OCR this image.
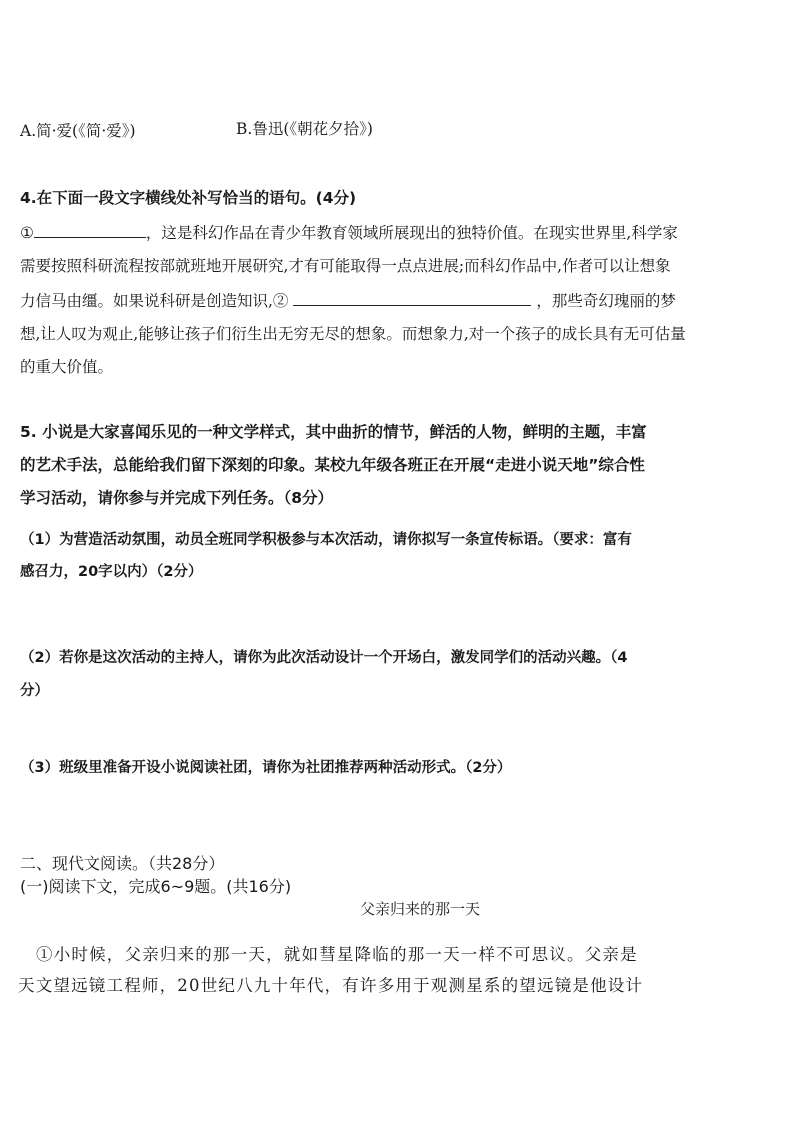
A.简·爱(《简·爱》)	B.鲁迅(《朝花夕拾》)
4.在下面一段文字横线处补写恰当的语句。(4分)
①	，这是科幻作品在青少年教育领域所展现出的独特价值。在现实世界里,科学家
需要按照科研流程按部就班地开展研究,才有可能取得一点点进展;而科幻作品中,作者可以让想象
力信马由缰。如果说科研是创造知识,②	，那些奇幻瑰丽的梦
想,让人叹为观止,能够让孩子们衍生出无穷无尽的想象。而想象力,对一个孩子的成长具有无可估量
的重大价值。
5. 小说是大家喜闻乐见的一种文学样式，其中曲折的情节，鲜活的人物，鲜明的主题，丰富
的艺术手法，总能给我们留下深刻的印象。某校九年级各班正在开展“走进小说天地”综合性
学习活动，请你参与并完成下列任务。（8分）
（1）为营造活动氛围，动员全班同学积极参与本次活动，请你拟写一条宣传标语。（要求：富有
感召力，20字以内）（2分）
（2）若你是这次活动的主持人，请你为此次活动设计一个开场白，激发同学们的活动兴趣。（4
分）
（3）班级里准备开设小说阅读社团，请你为社团推荐两种活动形式。（2分）
二、现代文阅读。（共28分）
(一)阅读下文，完成6~9题。(共16分)
父亲归来的那一天
①小时候，父亲归来的那一天，就如彗星降临的那一天一样不可思议。父亲是
天文望远镜工程师，20世纪八九十年代，有许多用于观测星系的望远镜是他设计
